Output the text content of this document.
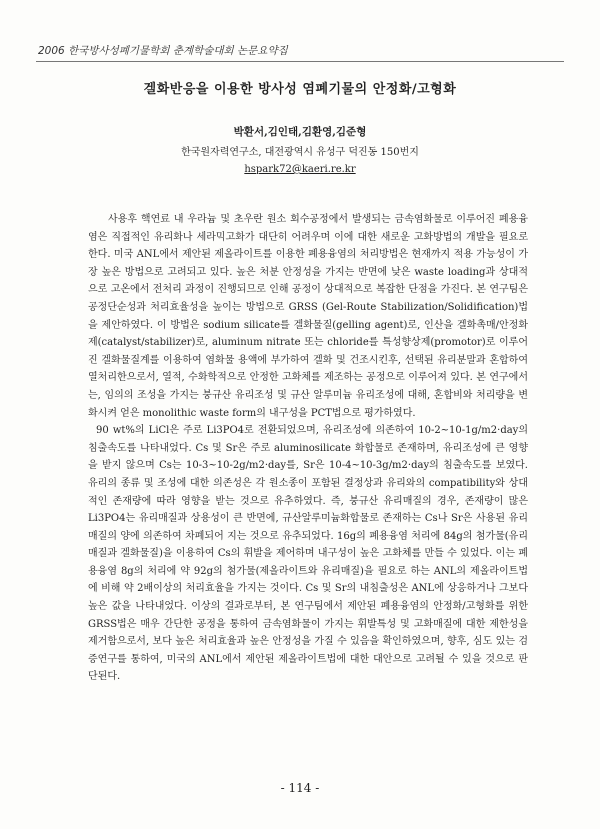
2006 한국방사성폐기물학회 춘계학술대회 논문요약집
겔화반응을 이용한 방사성 염폐기물의 안정화/고형화
박환서,김인태,김환영,김준형
한국원자력연구소, 대전광역시 유성구 덕진동 150번지
hspark72@kaeri.re.kr

사용후 핵연료 내 우라늄 및 초우란 원소 회수공정에서 발생되는 금속염화물로 이루어진 폐용융염은 직접적인 유리화나 세라믹고화가 대단히 어려우며 이에 대한 새로운 고화방법의 개발을 필요로 한다. 미국 ANL에서 제안된 제올라이트를 이용한 폐용융염의 처리방법은 현재까지 적용 가능성이 가장 높은 방법으로 고려되고 있다. 높은 처분 안정성을 가지는 반면에 낮은 waste loading과 상대적으로 고온에서 전처리 과정이 진행되므로 인해 공정이 상대적으로 복잡한 단점을 가진다. 본 연구팀은 공정단순성과 처리효율성을 높이는 방법으로 GRSS (Gel-Route Stabilization/Solidification)법을 제안하였다. 이 방법은 sodium silicate를 겔화물질(gelling agent)로, 인산을 겔화촉매/안정화제(catalyst/stabilizer)로, aluminum nitrate 또는 chloride를 특성향상제(promotor)로 이루어진 겔화물질계를 이용하여 염화물 용액에 부가하여 겔화 및 건조시킨후, 선택된 유리분말과 혼합하여 열처리한으로서, 열적, 수화학적으로 안정한 고화체를 제조하는 공정으로 이루어져 있다. 본 연구에서는, 임의의 조성을 가지는 붕규산 유리조성 및 규산 알루미늄 유리조성에 대해, 혼합비와 처리량을 변화시켜 얻은 monolithic waste form의 내구성을 PCT법으로 평가하였다.

90 wt%의 LiCl은 주로 Li3PO4로 전환되었으며, 유리조성에 의존하여 10-2~10-1g/m2·day의 침출속도를 나타내었다. Cs 및 Sr은 주로 aluminosilicate 화합물로 존재하며, 유리조성에 큰 영향을 받지 않으며 Cs는 10-3~10-2g/m2·day를, Sr은 10-4~10-3g/m2·day의 침출속도를 보였다. 유리의 종류 및 조성에 대한 의존성은 각 원소종이 포함된 결정상과 유리와의 compatibility와 상대적인 존재량에 따라 영향을 받는 것으로 유추하였다. 즉, 붕규산 유리매질의 경우, 존재량이 많은 Li3PO4는 유리매질과 상용성이 큰 반면에, 규산알루미늄화합물로 존재하는 Cs나 Sr은 사용된 유리매질의 양에 의존하여 차폐되어 지는 것으로 유추되었다. 16g의 폐용융염 처리에 84g의 첨가물(유리매질과 겔화물질)을 이용하여 Cs의 휘발을 제어하며 내구성이 높은 고화체를 만들 수 있었다. 이는 폐용융염 8g의 처리에 약 92g의 첨가물(제올라이트와 유리매질)을 필요로 하는 ANL의 제올라이트법에 비해 약 2배이상의 처리효율을 가지는 것이다. Cs 및 Sr의 내침출성은 ANL에 상응하거나 그보다 높은 값을 나타내었다. 이상의 결과로부터, 본 연구팀에서 제안된 폐용융염의 안정화/고형화를 위한 GRSS법은 매우 간단한 공정을 통하여 금속염화물이 가지는 휘발특성 및 고화매질에 대한 제한성을 제거함으로서, 보다 높은 처리효율과 높은 안정성을 가질 수 있음을 확인하였으며, 향후, 심도 있는 검증연구를 통하여, 미국의 ANL에서 제안된 제올라이트법에 대한 대안으로 고려될 수 있을 것으로 판단된다.

- 114 -
